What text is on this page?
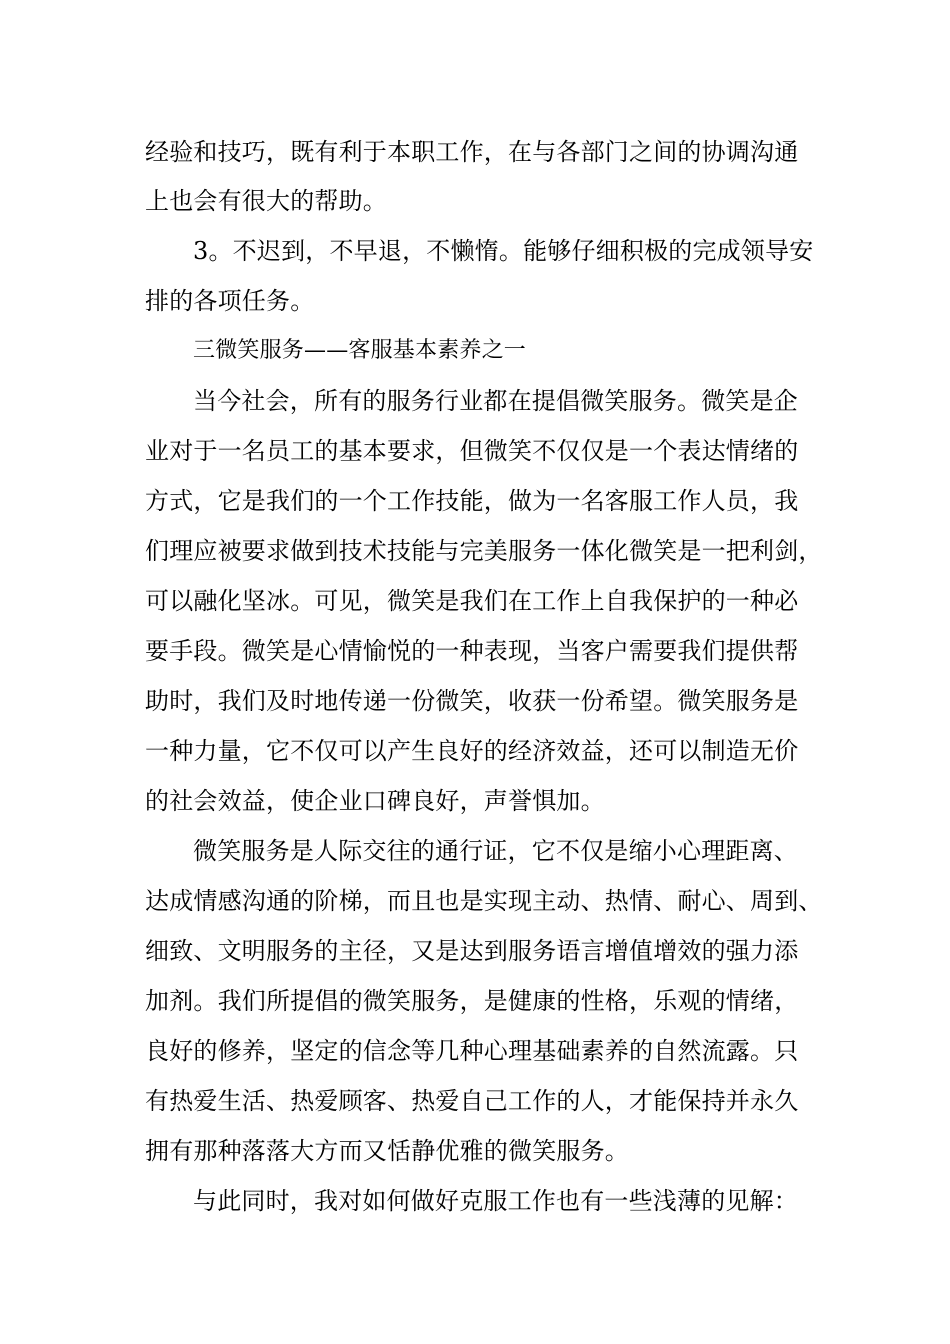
经验和技巧，既有利于本职工作，在与各部门之间的协调沟通
上也会有很大的帮助。
3。不迟到，不早退，不懒惰。能够仔细积极的完成领导安
排的各项任务。
三微笑服务——客服基本素养之一
当今社会，所有的服务行业都在提倡微笑服务。微笑是企
业对于一名员工的基本要求，但微笑不仅仅是一个表达情绪的
方式，它是我们的一个工作技能，做为一名客服工作人员，我
们理应被要求做到技术技能与完美服务一体化微笑是一把利剑，
可以融化坚冰。可见，微笑是我们在工作上自我保护的一种必
要手段。微笑是心情愉悦的一种表现，当客户需要我们提供帮
助时，我们及时地传递一份微笑，收获一份希望。微笑服务是
一种力量，它不仅可以产生良好的经济效益，还可以制造无价
的社会效益，使企业口碑良好，声誉惧加。
微笑服务是人际交往的通行证，它不仅是缩小心理距离、
达成情感沟通的阶梯，而且也是实现主动、热情、耐心、周到、
细致、文明服务的主径，又是达到服务语言增值增效的强力添
加剂。我们所提倡的微笑服务，是健康的性格，乐观的情绪，
良好的修养，坚定的信念等几种心理基础素养的自然流露。只
有热爱生活、热爱顾客、热爱自己工作的人，才能保持并永久
拥有那种落落大方而又恬静优雅的微笑服务。
与此同时，我对如何做好克服工作也有一些浅薄的见解：
